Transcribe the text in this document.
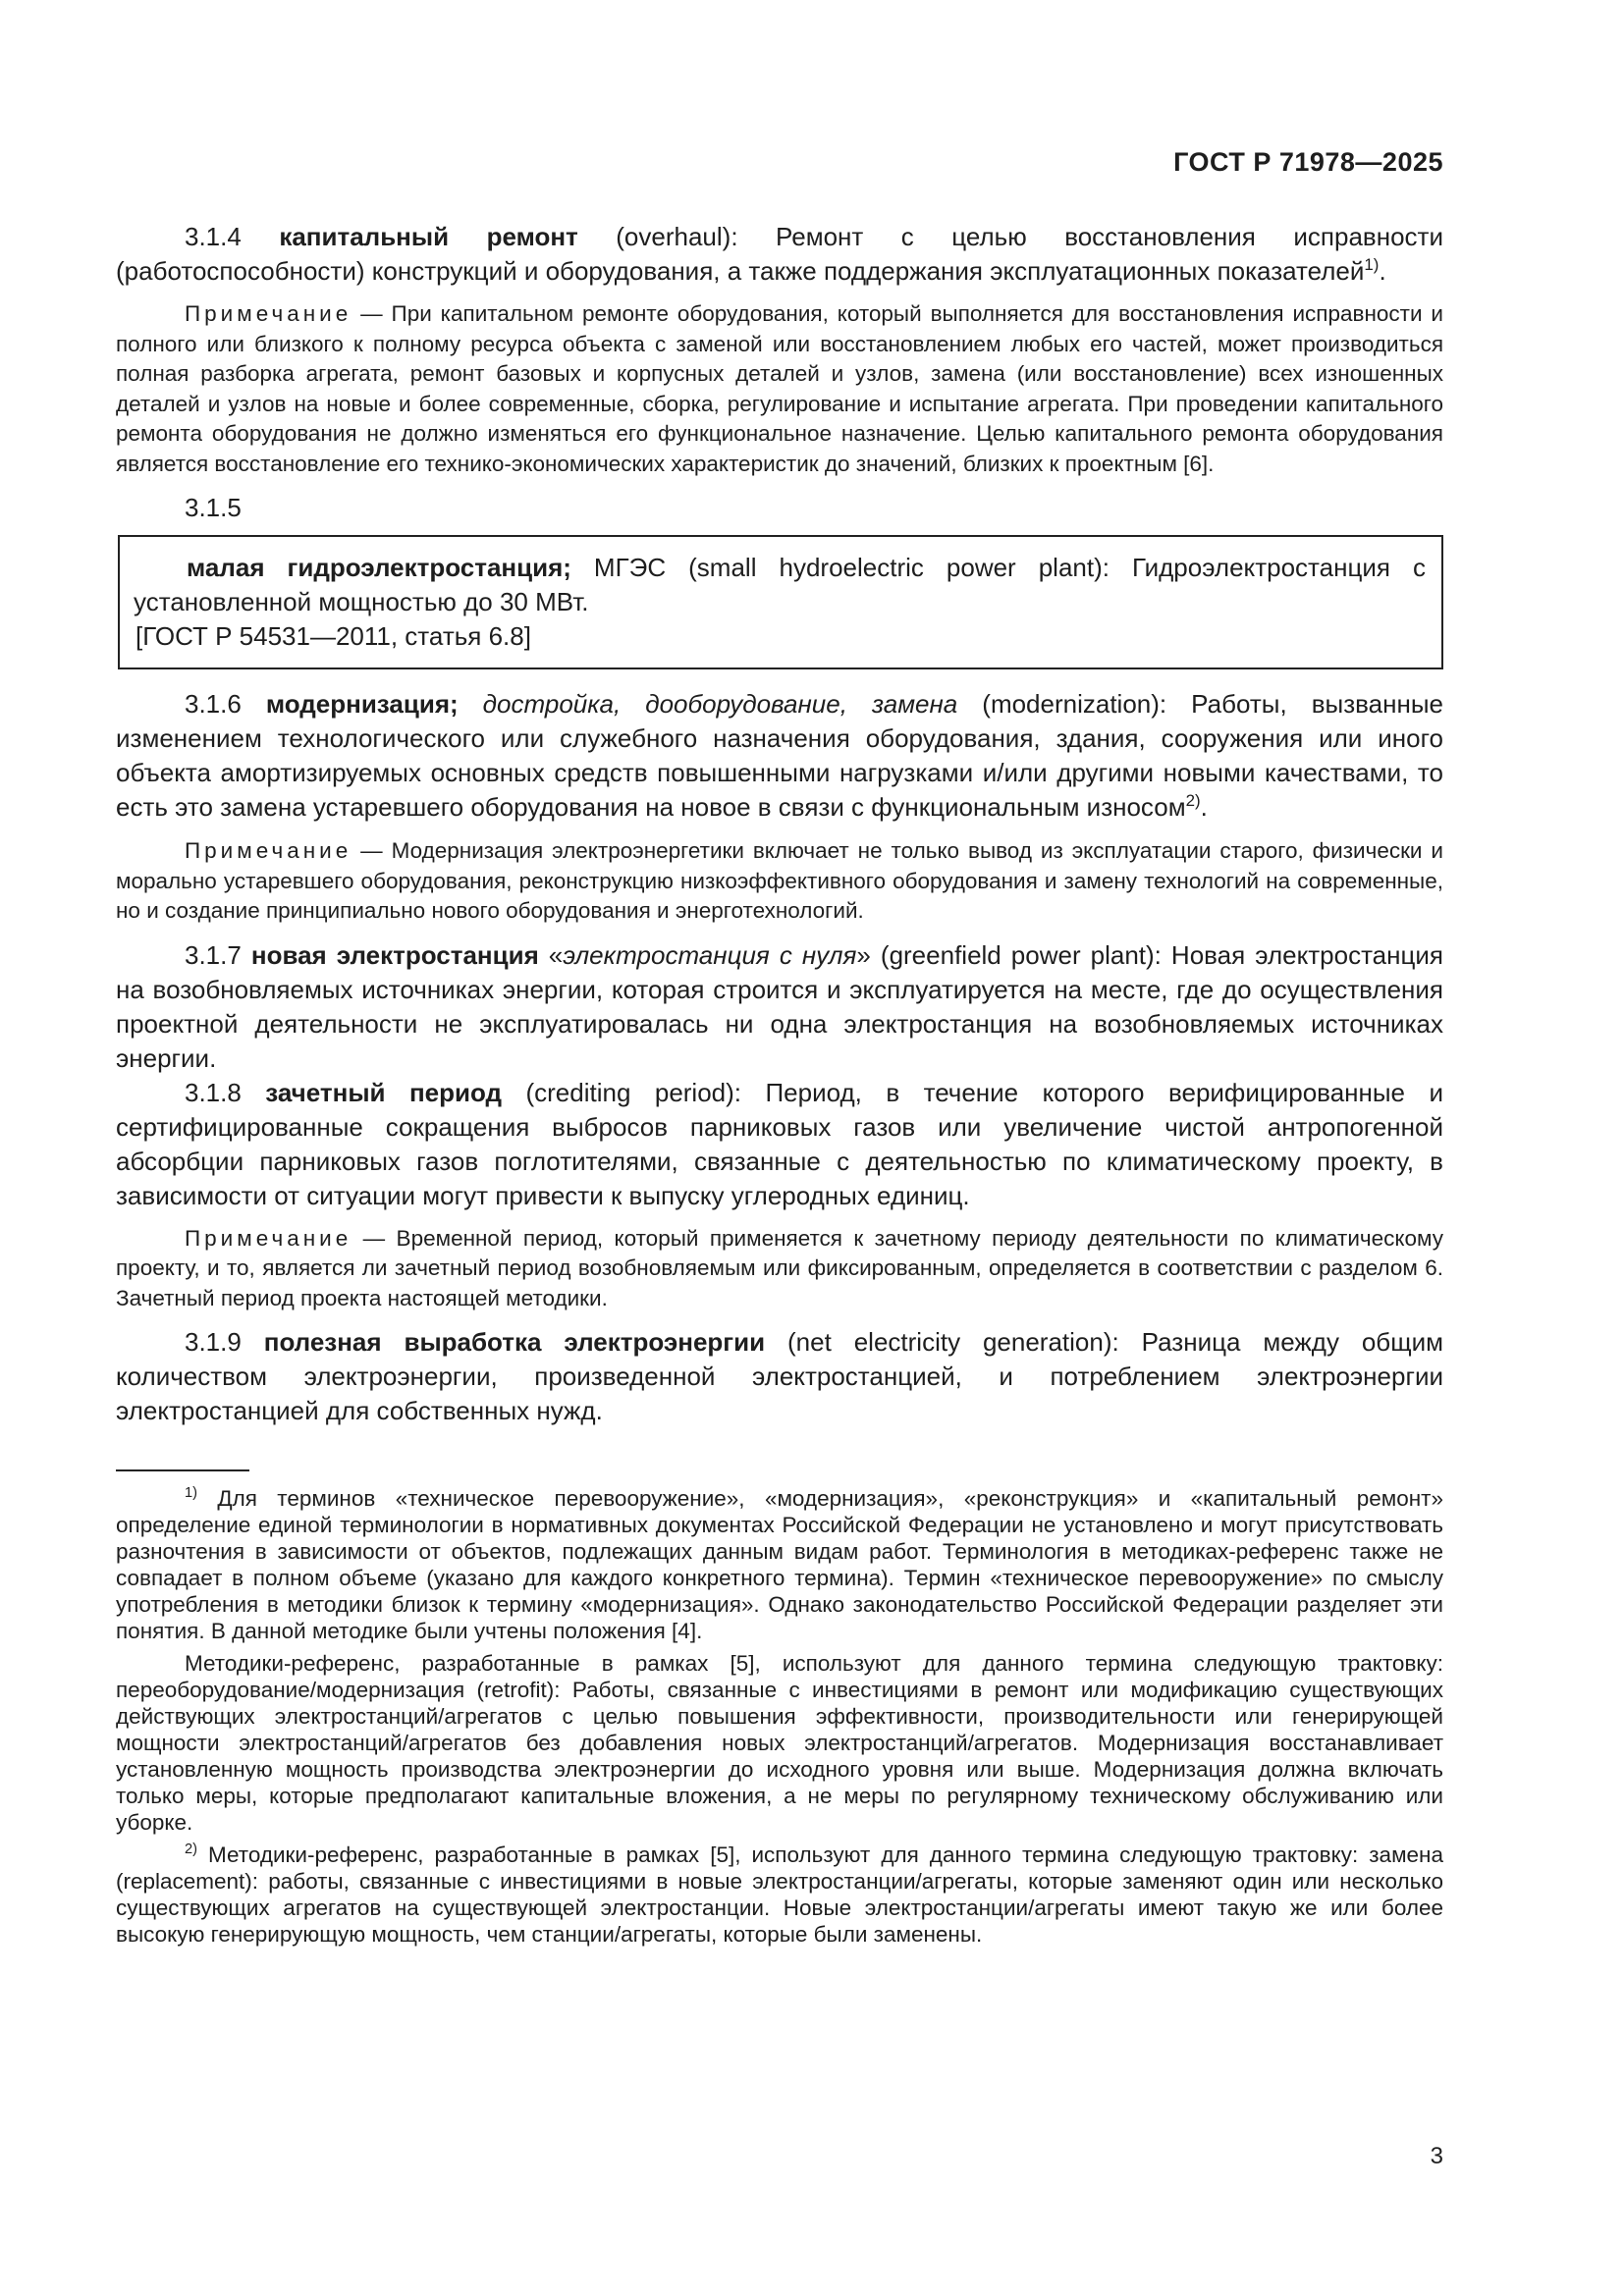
ГОСТ Р 71978—2025

3.1.4 капитальный ремонт (overhaul): Ремонт с целью восстановления исправности (работоспособности) конструкций и оборудования, а также поддержания эксплуатационных показателей$^{1)}$.

Примечание — При капитальном ремонте оборудования, который выполняется для восстановления исправности и полного или близкого к полному ресурса объекта с заменой или восстановлением любых его частей, может производиться полная разборка агрегата, ремонт базовых и корпусных деталей и узлов, замена (или восстановление) всех изношенных деталей и узлов на новые и более современные, сборка, регулирование и испытание агрегата. При проведении капитального ремонта оборудования не должно изменяться его функциональное назначение. Целью капитального ремонта оборудования является восстановление его технико-экономических характеристик до значений, близких к проектным [6].

3.1.5

малая гидроэлектростанция; МГЭС (small hydroelectric power plant): Гидроэлектростанция с установленной мощностью до 30 МВт.

[ГОСТ Р 54531—2011, статья 6.8]

3.1.6 модернизация; достройка, дооборудование, замена (modernization): Работы, вызванные изменением технологического или служебного назначения оборудования, здания, сооружения или иного объекта амортизируемых основных средств повышенными нагрузками и/или другими новыми качествами, то есть это замена устаревшего оборудования на новое в связи с функциональным износом$^{2)}$.

Примечание — Модернизация электроэнергетики включает не только вывод из эксплуатации старого, физически и морально устаревшего оборудования, реконструкцию низкоэффективного оборудования и замену технологий на современные, но и создание принципиально нового оборудования и энерготехнологий.

3.1.7 новая электростанция «электростанция с нуля» (greenfield power plant): Новая электростанция на возобновляемых источниках энергии, которая строится и эксплуатируется на месте, где до осуществления проектной деятельности не эксплуатировалась ни одна электростанция на возобновляемых источниках энергии.

3.1.8 зачетный период (crediting period): Период, в течение которого верифицированные и сертифицированные сокращения выбросов парниковых газов или увеличение чистой антропогенной абсорбции парниковых газов поглотителями, связанные с деятельностью по климатическому проекту, в зависимости от ситуации могут привести к выпуску углеродных единиц.

Примечание — Временной период, который применяется к зачетному периоду деятельности по климатическому проекту, и то, является ли зачетный период возобновляемым или фиксированным, определяется в соответствии с разделом 6. Зачетный период проекта настоящей методики.

3.1.9 полезная выработка электроэнергии (net electricity generation): Разница между общим количеством электроэнергии, произведенной электростанцией, и потреблением электроэнергии электростанцией для собственных нужд.

$^{1)}$ Для терминов «техническое перевооружение», «модернизация», «реконструкция» и «капитальный ремонт» определение единой терминологии в нормативных документах Российской Федерации не установлено и могут присутствовать разночтения в зависимости от объектов, подлежащих данным видам работ. Терминология в методиках-референс также не совпадает в полном объеме (указано для каждого конкретного термина). Термин «техническое перевооружение» по смыслу употребления в методики близок к термину «модернизация». Однако законодательство Российской Федерации разделяет эти понятия. В данной методике были учтены положения [4].

Методики-референс, разработанные в рамках [5], используют для данного термина следующую трактовку: переоборудование/модернизация (retrofit): Работы, связанные с инвестициями в ремонт или модификацию существующих действующих электростанций/агрегатов с целью повышения эффективности, производительности или генерирующей мощности электростанций/агрегатов без добавления новых электростанций/агрегатов. Модернизация восстанавливает установленную мощность производства электроэнергии до исходного уровня или выше. Модернизация должна включать только меры, которые предполагают капитальные вложения, а не меры по регулярному техническому обслуживанию или уборке.

$^{2)}$ Методики-референс, разработанные в рамках [5], используют для данного термина следующую трактовку: замена (replacement): работы, связанные с инвестициями в новые электростанции/агрегаты, которые заменяют один или несколько существующих агрегатов на существующей электростанции. Новые электростанции/агрегаты имеют такую же или более высокую генерирующую мощность, чем станции/агрегаты, которые были заменены.

3
